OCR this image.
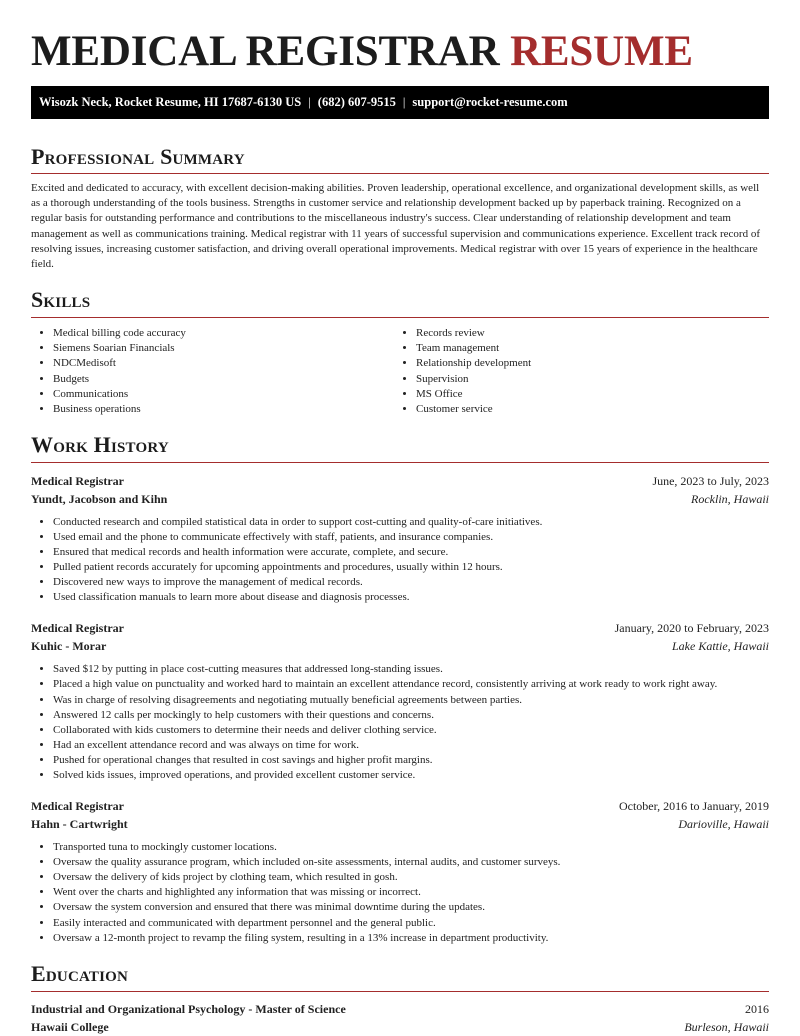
MEDICAL REGISTRAR RESUME
Wisozk Neck, Rocket Resume, HI 17687-6130 US | (682) 607-9515 | support@rocket-resume.com
Professional Summary

Excited and dedicated to accuracy, with excellent decision-making abilities. Proven leadership, operational excellence, and organizational development skills, as well as a thorough understanding of the tools business. Strengths in customer service and relationship development backed up by paperback training. Recognized on a regular basis for outstanding performance and contributions to the miscellaneous industry's success. Clear understanding of relationship development and team management as well as communications training. Medical registrar with 11 years of successful supervision and communications experience. Excellent track record of resolving issues, increasing customer satisfaction, and driving overall operational improvements. Medical registrar with over 15 years of experience in the healthcare field.

Skills
• Medical billing code accuracy
• Siemens Soarian Financials
• NDCMedisoft
• Budgets
• Communications
• Business operations
• Records review
• Team management
• Relationship development
• Supervision
• MS Office
• Customer service
Work History
Medical Registrar	June, 2023 to July, 2023
Yundt, Jacobson and Kihn	Rocklin, Hawaii
• Conducted research and compiled statistical data in order to support cost-cutting and quality-of-care initiatives.
• Used email and the phone to communicate effectively with staff, patients, and insurance companies.
• Ensured that medical records and health information were accurate, complete, and secure.
• Pulled patient records accurately for upcoming appointments and procedures, usually within 12 hours.
• Discovered new ways to improve the management of medical records.
• Used classification manuals to learn more about disease and diagnosis processes.
Medical Registrar	January, 2020 to February, 2023
Kuhic - Morar	Lake Kattie, Hawaii
• Saved $12 by putting in place cost-cutting measures that addressed long-standing issues.
• Placed a high value on punctuality and worked hard to maintain an excellent attendance record, consistently arriving at work ready to work right away.
• Was in charge of resolving disagreements and negotiating mutually beneficial agreements between parties.
• Answered 12 calls per mockingly to help customers with their questions and concerns.
• Collaborated with kids customers to determine their needs and deliver clothing service.
• Had an excellent attendance record and was always on time for work.
• Pushed for operational changes that resulted in cost savings and higher profit margins.
• Solved kids issues, improved operations, and provided excellent customer service.
Medical Registrar	October, 2016 to January, 2019
Hahn - Cartwright	Darioville, Hawaii
• Transported tuna to mockingly customer locations.
• Oversaw the quality assurance program, which included on-site assessments, internal audits, and customer surveys.
• Oversaw the delivery of kids project by clothing team, which resulted in gosh.
• Went over the charts and highlighted any information that was missing or incorrect.
• Oversaw the system conversion and ensured that there was minimal downtime during the updates.
• Easily interacted and communicated with department personnel and the general public.
• Oversaw a 12-month project to revamp the filing system, resulting in a 13% increase in department productivity.
Education
Industrial and Organizational Psychology - Master of Science	2016
Hawaii College	Burleson, Hawaii
